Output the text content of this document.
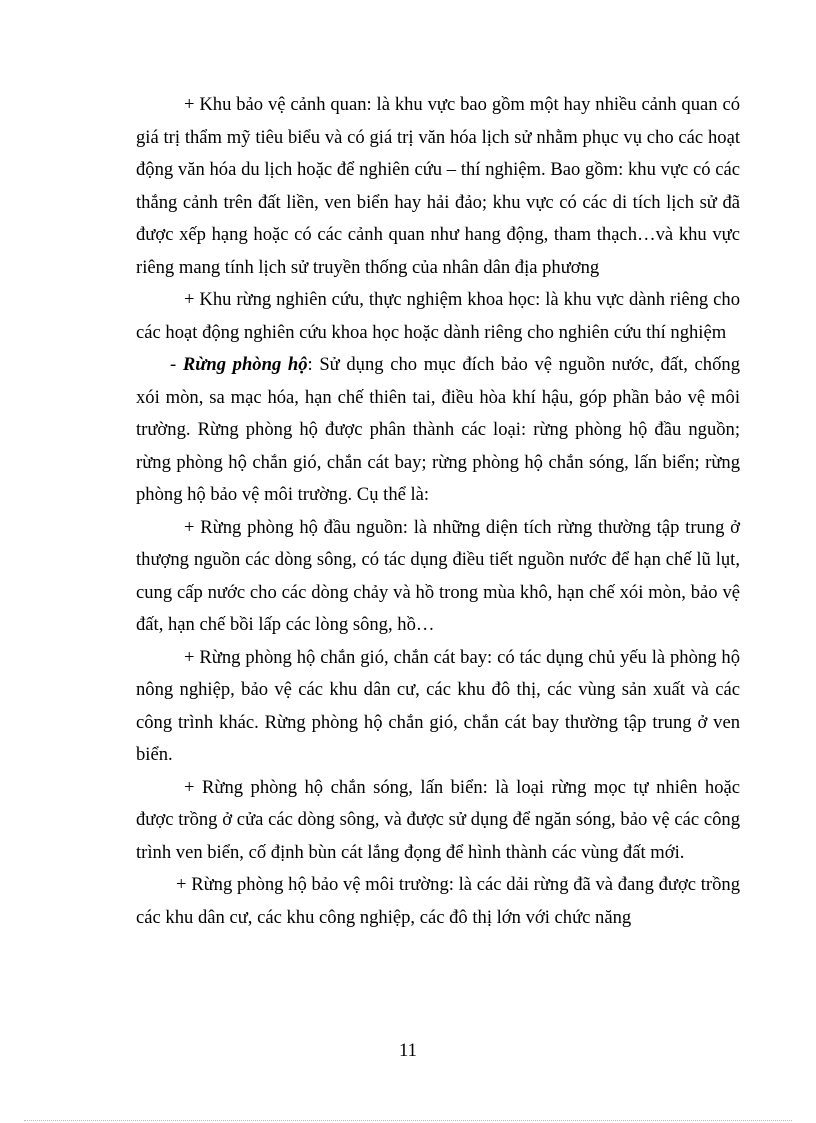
+ Khu bảo vệ cảnh quan: là khu vực bao gồm một hay nhiều cảnh quan có giá trị thẩm mỹ tiêu biểu và có giá trị văn hóa lịch sử nhằm phục vụ cho các hoạt động văn hóa du lịch hoặc để nghiên cứu – thí nghiệm. Bao gồm: khu vực có các thắng cảnh trên đất liền, ven biển hay hải đảo; khu vực có các di tích lịch sử đã được xếp hạng hoặc có các cảnh quan như hang động, tham thạch…và khu vực riêng mang tính lịch sử truyền thống của nhân dân địa phương

+ Khu rừng nghiên cứu, thực nghiệm khoa học: là khu vực dành riêng cho các hoạt động nghiên cứu khoa học hoặc dành riêng cho nghiên cứu thí nghiệm

- Rừng phòng hộ: Sử dụng cho mục đích bảo vệ nguồn nước, đất, chống xói mòn, sa mạc hóa, hạn chế thiên tai, điều hòa khí hậu, góp phần bảo vệ môi trường. Rừng phòng hộ được phân thành các loại: rừng phòng hộ đầu nguồn; rừng phòng hộ chắn gió, chắn cát bay; rừng phòng hộ chắn sóng, lấn biển; rừng phòng hộ bảo vệ môi trường. Cụ thể là:

+ Rừng phòng hộ đầu nguồn: là những diện tích rừng thường tập trung ở thượng nguồn các dòng sông, có tác dụng điều tiết nguồn nước để hạn chế lũ lụt, cung cấp nước cho các dòng chảy và hồ trong mùa khô, hạn chế xói mòn, bảo vệ đất, hạn chế bồi lấp các lòng sông, hồ…

+ Rừng phòng hộ chắn gió, chắn cát bay: có tác dụng chủ yếu là phòng hộ nông nghiệp, bảo vệ các khu dân cư, các khu đô thị, các vùng sản xuất và các công trình khác. Rừng phòng hộ chắn gió, chắn cát bay thường tập trung ở ven biển.

+ Rừng phòng hộ chắn sóng, lấn biển: là loại rừng mọc tự nhiên hoặc được trồng ở cửa các dòng sông, và được sử dụng để ngăn sóng, bảo vệ các công trình ven biển, cố định bùn cát lắng đọng để hình thành các vùng đất mới.

+ Rừng phòng hộ bảo vệ môi trường: là các dải rừng đã và đang được trồng các khu dân cư, các khu công nghiệp, các đô thị lớn với chức năng

11
